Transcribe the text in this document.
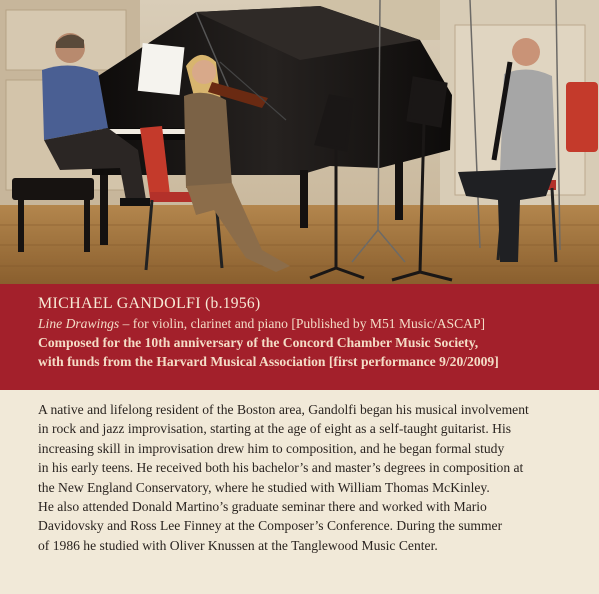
MICHAEL GANDOLFI (b.1956)
Line Drawings – for violin, clarinet and piano [Published by M51 Music/ASCAP]
Composed for the 10th anniversary of the Concord Chamber Music Society,
with funds from the Harvard Musical Association [first performance 9/20/2009]
A native and lifelong resident of the Boston area, Gandolfi began his musical involvement
in rock and jazz improvisation, starting at the age of eight as a self-taught guitarist. His
increasing skill in improvisation drew him to composition, and he began formal study
in his early teens. He received both his bachelor’s and master’s degrees in composition at
the New England Conservatory, where he studied with William Thomas McKinley.
He also attended Donald Martino’s graduate seminar there and worked with Mario
Davidovsky and Ross Lee Finney at the Composer’s Conference. During the summer
of 1986 he studied with Oliver Knussen at the Tanglewood Music Center.
